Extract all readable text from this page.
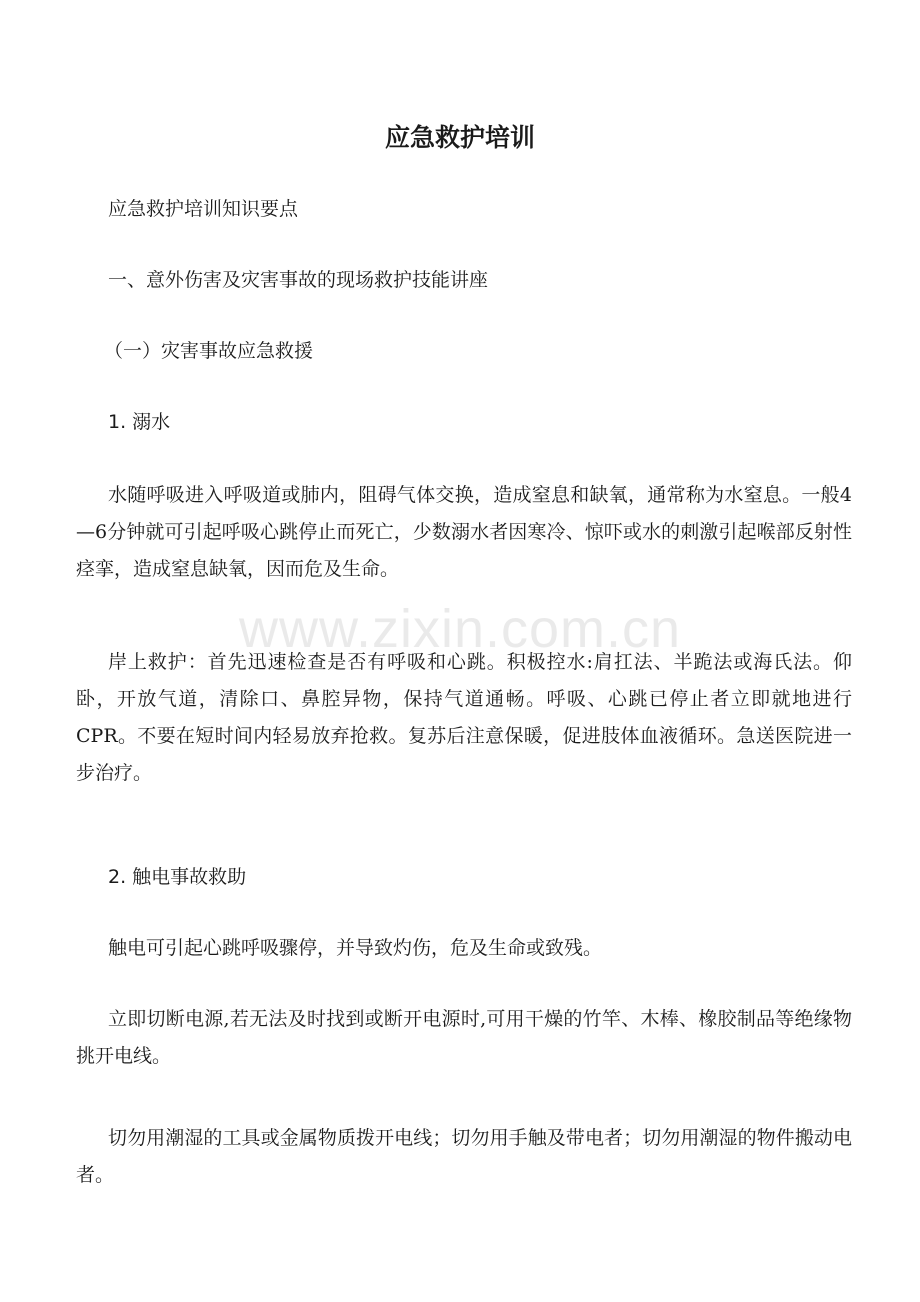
www.zixin.com.cn
应急救护培训

应急救护培训知识要点

一、意外伤害及灾害事故的现场救护技能讲座

（一）灾害事故应急救援

1. 溺水

水随呼吸进入呼吸道或肺内，阻碍气体交换，造成窒息和缺氧，通常称为水窒息。一般4—6分钟就可引起呼吸心跳停止而死亡，少数溺水者因寒冷、惊吓或水的刺激引起喉部反射性痉挛，造成窒息缺氧，因而危及生命。

岸上救护：首先迅速检查是否有呼吸和心跳。积极控水:肩扛法、半跪法或海氏法。仰卧，开放气道，清除口、鼻腔异物，保持气道通畅。呼吸、心跳已停止者立即就地进行CPR。不要在短时间内轻易放弃抢救。复苏后注意保暖，促进肢体血液循环。急送医院进一步治疗。

2. 触电事故救助

触电可引起心跳呼吸骤停，并导致灼伤，危及生命或致残。

立即切断电源,若无法及时找到或断开电源时,可用干燥的竹竿、木棒、橡胶制品等绝缘物挑开电线。

切勿用潮湿的工具或金属物质拨开电线；切勿用手触及带电者；切勿用潮湿的物件搬动电者。
